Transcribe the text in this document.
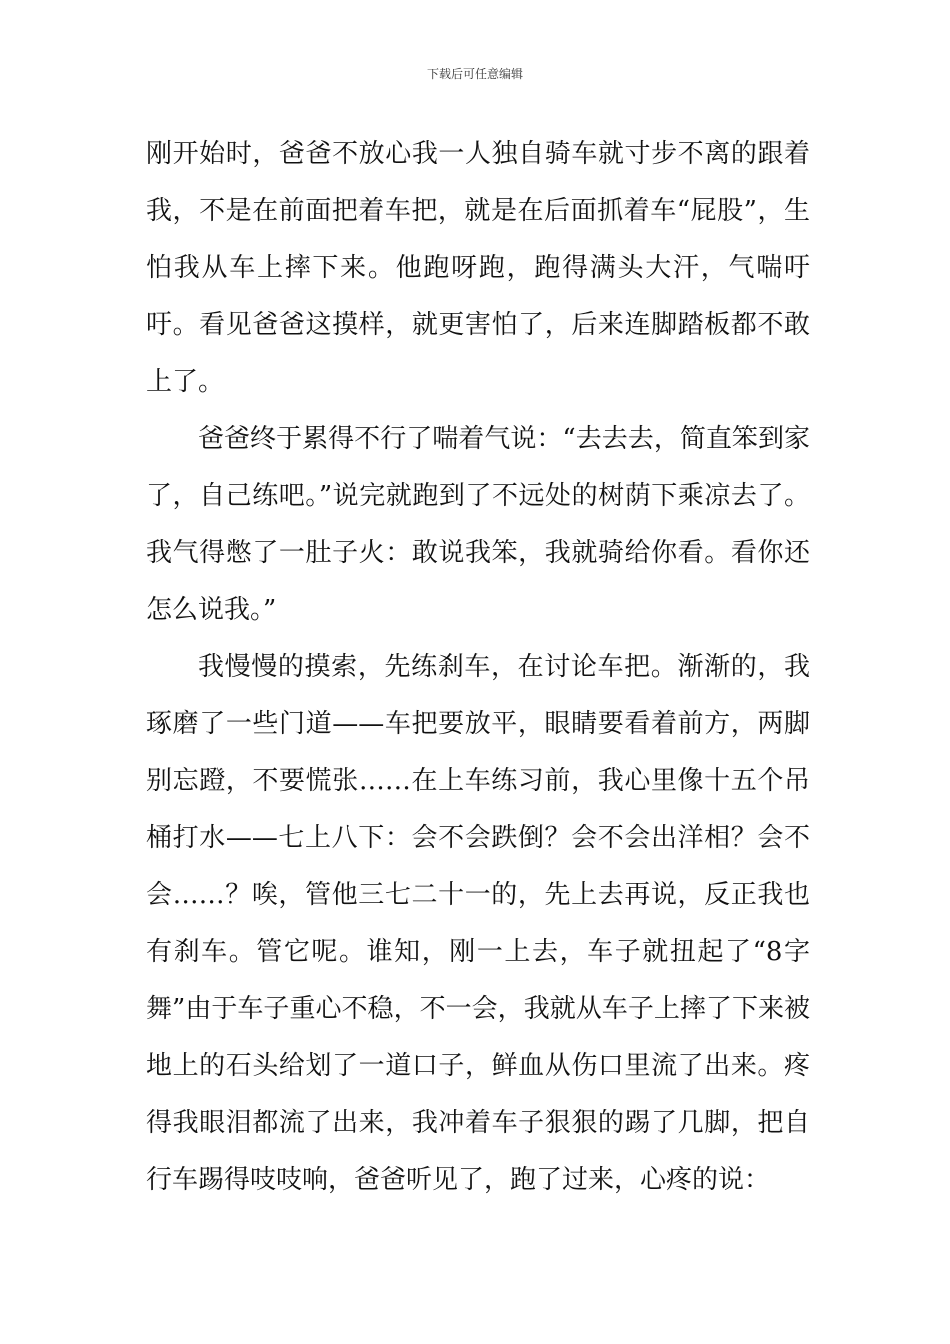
下载后可任意编辑

刚开始时，爸爸不放心我一人独自骑车就寸步不离的跟着我，不是在前面把着车把，就是在后面抓着车“屁股”，生怕我从车上摔下来。他跑呀跑，跑得满头大汗，气喘吁吁。看见爸爸这摸样，就更害怕了，后来连脚踏板都不敢上了。

爸爸终于累得不行了喘着气说：“去去去，简直笨到家了，自己练吧。”说完就跑到了不远处的树荫下乘凉去了。我气得憋了一肚子火：敢说我笨，我就骑给你看。看你还怎么说我。”

我慢慢的摸索，先练刹车，在讨论车把。渐渐的，我琢磨了一些门道——车把要放平，眼睛要看着前方，两脚别忘蹬，不要慌张……在上车练习前，我心里像十五个吊桶打水——七上八下：会不会跌倒？会不会出洋相？会不会……？唉，管他三七二十一的，先上去再说，反正我也有刹车。管它呢。谁知，刚一上去，车子就扭起了“8字舞”由于车子重心不稳，不一会，我就从车子上摔了下来被地上的石头给划了一道口子，鲜血从伤口里流了出来。疼得我眼泪都流了出来，我冲着车子狠狠的踢了几脚，把自行车踢得吱吱响，爸爸听见了，跑了过来，心疼的说：
